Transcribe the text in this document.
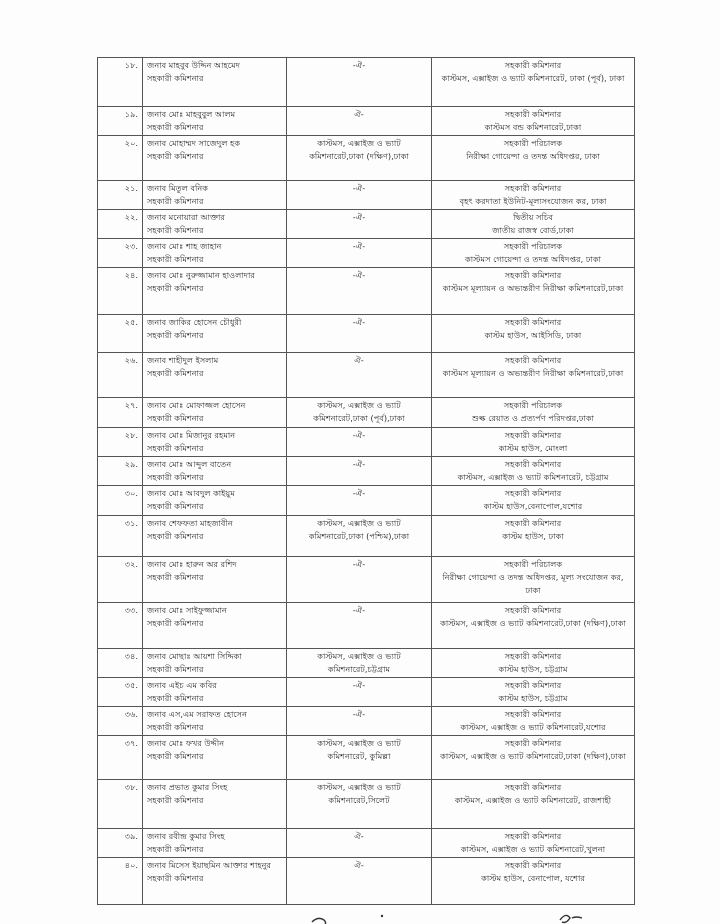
১৮.	জনাব মাহবুব উদ্দিন আহমেদ
সহকারী কমিশনার	-ঐ-	সহকারী কমিশনার
কাস্টমস, এক্সাইজ ও ভ্যাট কমিশনারেট, ঢাকা (পূর্ব), ঢাকা

১৯.	জনাব মোঃ মাহবুবুল আলম
সহকারী কমিশনার	ঐ-	সহকারী কমিশনার
কাস্টমস বন্ড কমিশনারেট,ঢাকা

২০.	জনাব মোহাম্মদ সাজেদুল হক
সহকারী কমিশনার	কাস্টমস, এক্সাইজ ও ভ্যাট
কমিশনারেট,ঢাকা (দক্ষিণ),ঢাকা	সহকারী পরিচালক
নিরীক্ষা গোয়েন্দা ও তদন্ত অধিদপ্তর, ঢাকা

২১.	জনাব মিতুল বনিক
সহকারী কমিশনার	-ঐ-	সহকারী কমিশনার
বৃহৎ করদাতা ইউনিট-মূল্যসংযোজন কর, ঢাকা

২২.	জনাব মনোয়ারা আক্তার
সহকারী কমিশনার	-ঐ-	দ্বিতীয় সচিব
জাতীয় রাজস্ব বোর্ড,ঢাকা

২৩.	জনাব মোঃ শাহ জাহান
সহকারী কমিশনার	-ঐ-	সহকারী পরিচালক
কাস্টমস গোয়েন্দা ও তদন্ত অধিদপ্তর, ঢাকা

২৪.	জনাব মোঃ নুরুজ্জামান হাওলাদার
সহকারী কমিশনার	-ঐ-	সহকারী কমিশনার
কাস্টমস মূল্যায়ন ও অভ্যন্তরীণ নিরীক্ষা কমিশনারেট,ঢাকা

২৫.	জনাব জাকির হোসেন চৌধুরী
সহকারী কমিশনার	-ঐ-	সহকারী কমিশনার
কাস্টম হাউস, আইসিডি, ঢাকা

২৬.	জনাব শাহীদুল ইসলাম
সহকারী কমিশনার	ঐ-	সহকারী কমিশনার
কাস্টমস মূল্যায়ন ও অভ্যন্তরীণ নিরীক্ষা কমিশনারেট,ঢাকা

২৭.	জনাব মোঃ মোফাজ্জল হোসেন
সহকারী কমিশনার	কাস্টমস, এক্সাইজ ও ভ্যাট
কমিশনারেট,ঢাকা (পূর্ব),ঢাকা	সহকারী পরিচালক
শুল্ক রেয়াত ও প্রত্যর্পণ পরিদপ্তর,ঢাকা

২৮.	জনাব মোঃ মিজানুর রহমান
সহকারী কমিশনার	-ঐ-	সহকারী কমিশনার
কাস্টম হাউস, মোংলা

২৯.	জনাব মোঃ আব্দুল বাতেন
সহকারী কমিশনার	-ঐ-	সহকারী কমিশনার
কাস্টমস, এক্সাইজ ও ভ্যাট কমিশনারেট, চট্টগ্রাম

৩০.	জনাব মোঃ আবদুল কাইয়ুম
সহকারী কমিশনার	-ঐ-	সহকারী কমিশনার
কাস্টম হাউস,বেনাপোল,যশোর

৩১.	জনাব শেফফতা মাহজাবীন
সহকারী কমিশনার	কাস্টমস, এক্সাইজ ও ভ্যাট
কমিশনারেট,ঢাকা (পশ্চিম),ঢাকা	সহকারী কমিশনার
কাস্টম হাউস, ঢাকা

৩২.	জনাব মোঃ হারুন অর রশিদ
সহকারী কমিশনার	-ঐ-	সহকারী পরিচালক
নিরীক্ষা গোয়েন্দা ও তদন্ত অধিদপ্তর, মূল্য সংযোজন কর, ঢাকা

৩৩.	জনাব মোঃ সাইফুজ্জামান
সহকারী কমিশনার	-ঐ-	সহকারী কমিশনার
কাস্টমস, এক্সাইজ ও ভ্যাট কমিশনারেট,ঢাকা (দক্ষিণ),ঢাকা

৩৪.	জনাব মোছাঃ আয়শা সিদ্দিকা
সহকারী কমিশনার	কাস্টমস, এক্সাইজ ও ভ্যাট
কমিশনারেট,চট্টগ্রাম	সহকারী কমিশনার
কাস্টম হাউস, চট্টগ্রাম

৩৫.	জনাব এইচ এম কবির
সহকারী কমিশনার	-ঐ-	সহকারী কমিশনার
কাস্টম হাউস, চট্টগ্রাম

৩৬.	জনাব এস,এম সরাফত হোসেন
সহকারী কমিশনার	-ঐ-	সহকারী কমিশনার
কাস্টমস, এক্সাইজ ও ভ্যাট কমিশনারেট,যশোর

৩৭.	জনাব মোঃ ফখর উদ্দীন
সহকারী কমিশনার	কাস্টমস, এক্সাইজ ও ভ্যাট
কমিশনারেট, কুমিল্লা	সহকারী কমিশনার
কাস্টমস, এক্সাইজ ও ভ্যাট কমিশনারেট,ঢাকা (দক্ষিণ),ঢাকা

৩৮.	জনাব প্রভাত কুমার সিংহ
সহকারী কমিশনার	কাস্টমস, এক্সাইজ ও ভ্যাট
কমিশনারেট,সিলেট	সহকারী কমিশনার
কাস্টমস, এক্সাইজ ও ভ্যাট কমিশনারেট, রাজশাহী

৩৯.	জনাব রবীন্দ্র কুমার সিংহ
সহকারী কমিশনার	ঐ-	সহকারী কমিশনার
কাস্টমস, এক্সাইজ ও ভ্যাট কমিশনারেট,খুলনা

৪০.	জনাব মিসেস ইয়াছমিন আক্তার শাহনুর
সহকারী কমিশনার	ঐ-	সহকারী কমিশনার
কাস্টম হাউস, বেনাপোল, যশোর
